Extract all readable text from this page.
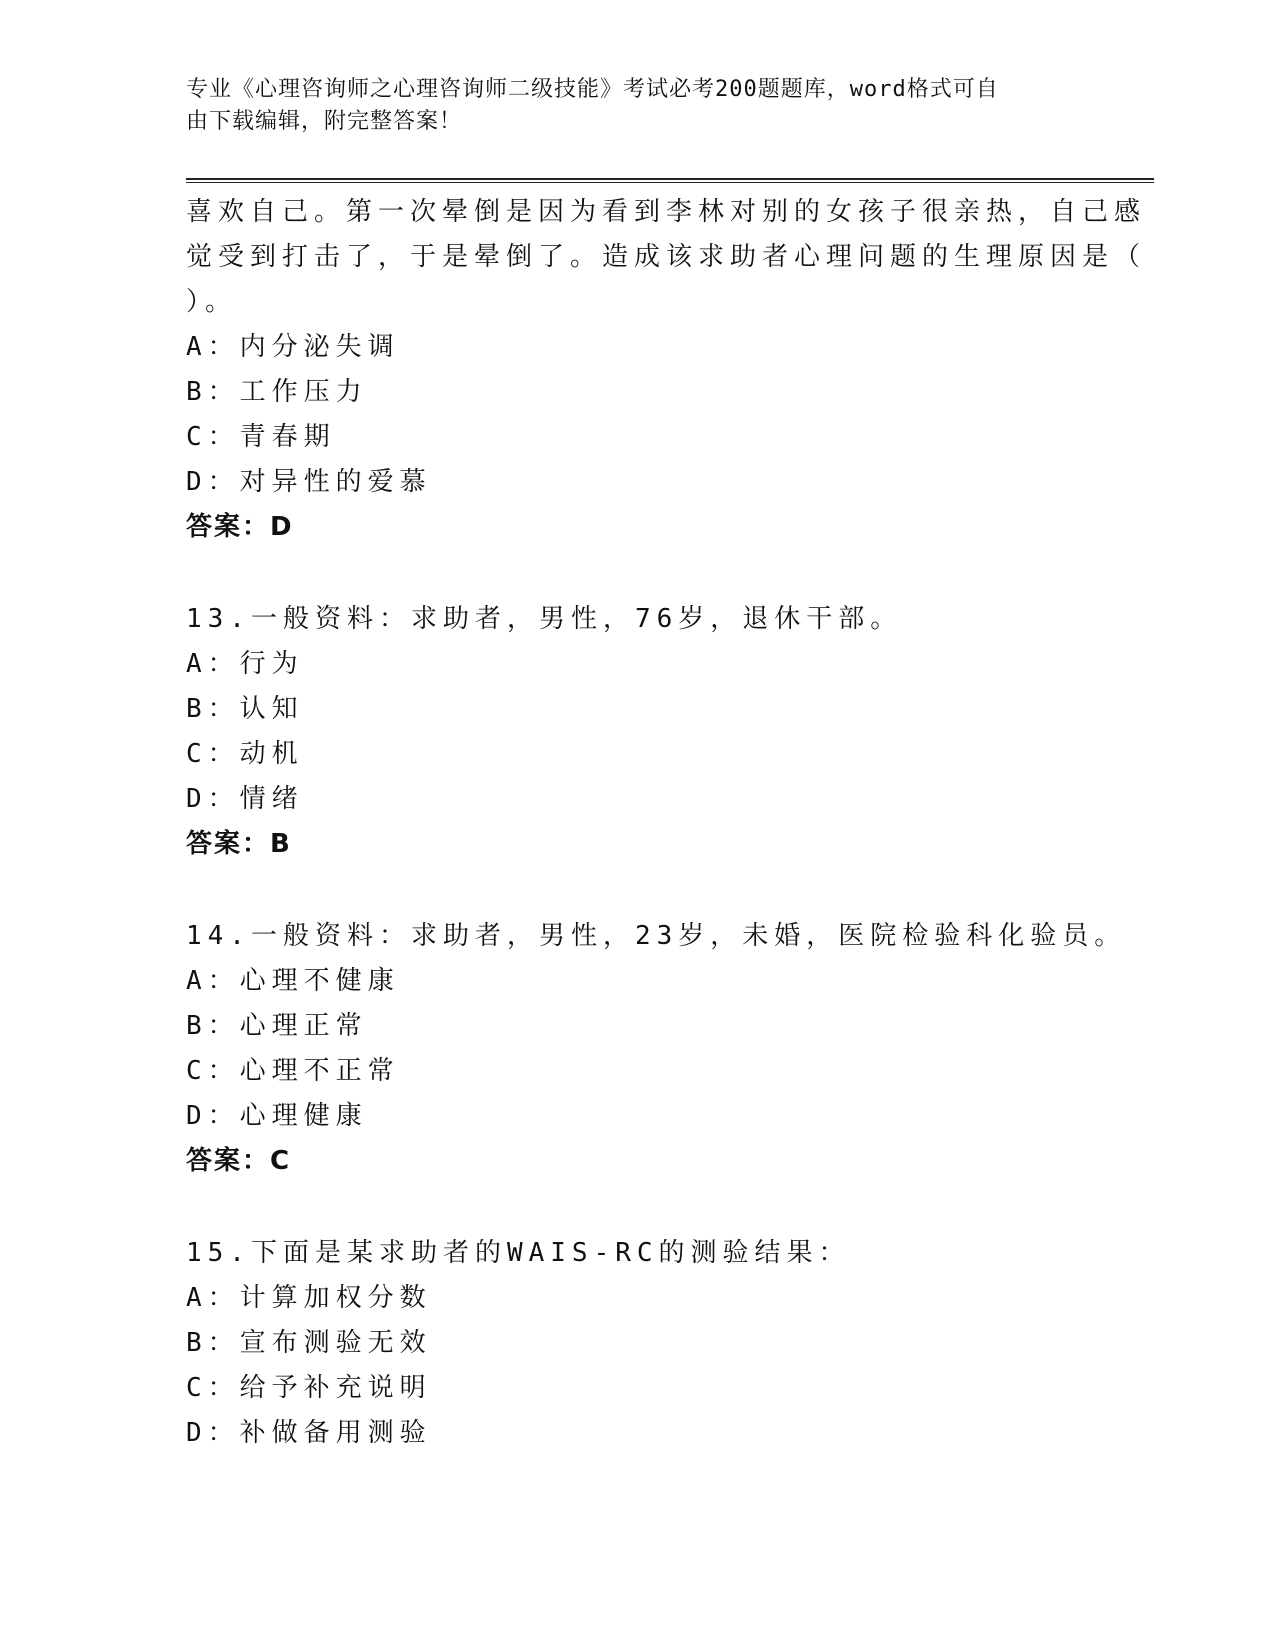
专业《心理咨询师之心理咨询师二级技能》考试必考200题题库，word格式可自
由下载编辑，附完整答案！
喜欢自己。第一次晕倒是因为看到李林对别的女孩子很亲热，自己感
觉受到打击了，于是晕倒了。造成该求助者心理问题的生理原因是（
）。
A：内分泌失调
B：工作压力
C：青春期
D：对异性的爱慕
答案：D
13.一般资料：求助者，男性，76岁，退休干部。
A：行为
B：认知
C：动机
D：情绪
答案：B
14.一般资料：求助者，男性，23岁，未婚，医院检验科化验员。
A：心理不健康
B：心理正常
C：心理不正常
D：心理健康
答案：C
15.下面是某求助者的WAIS-RC的测验结果：
A：计算加权分数
B：宣布测验无效
C：给予补充说明
D：补做备用测验
